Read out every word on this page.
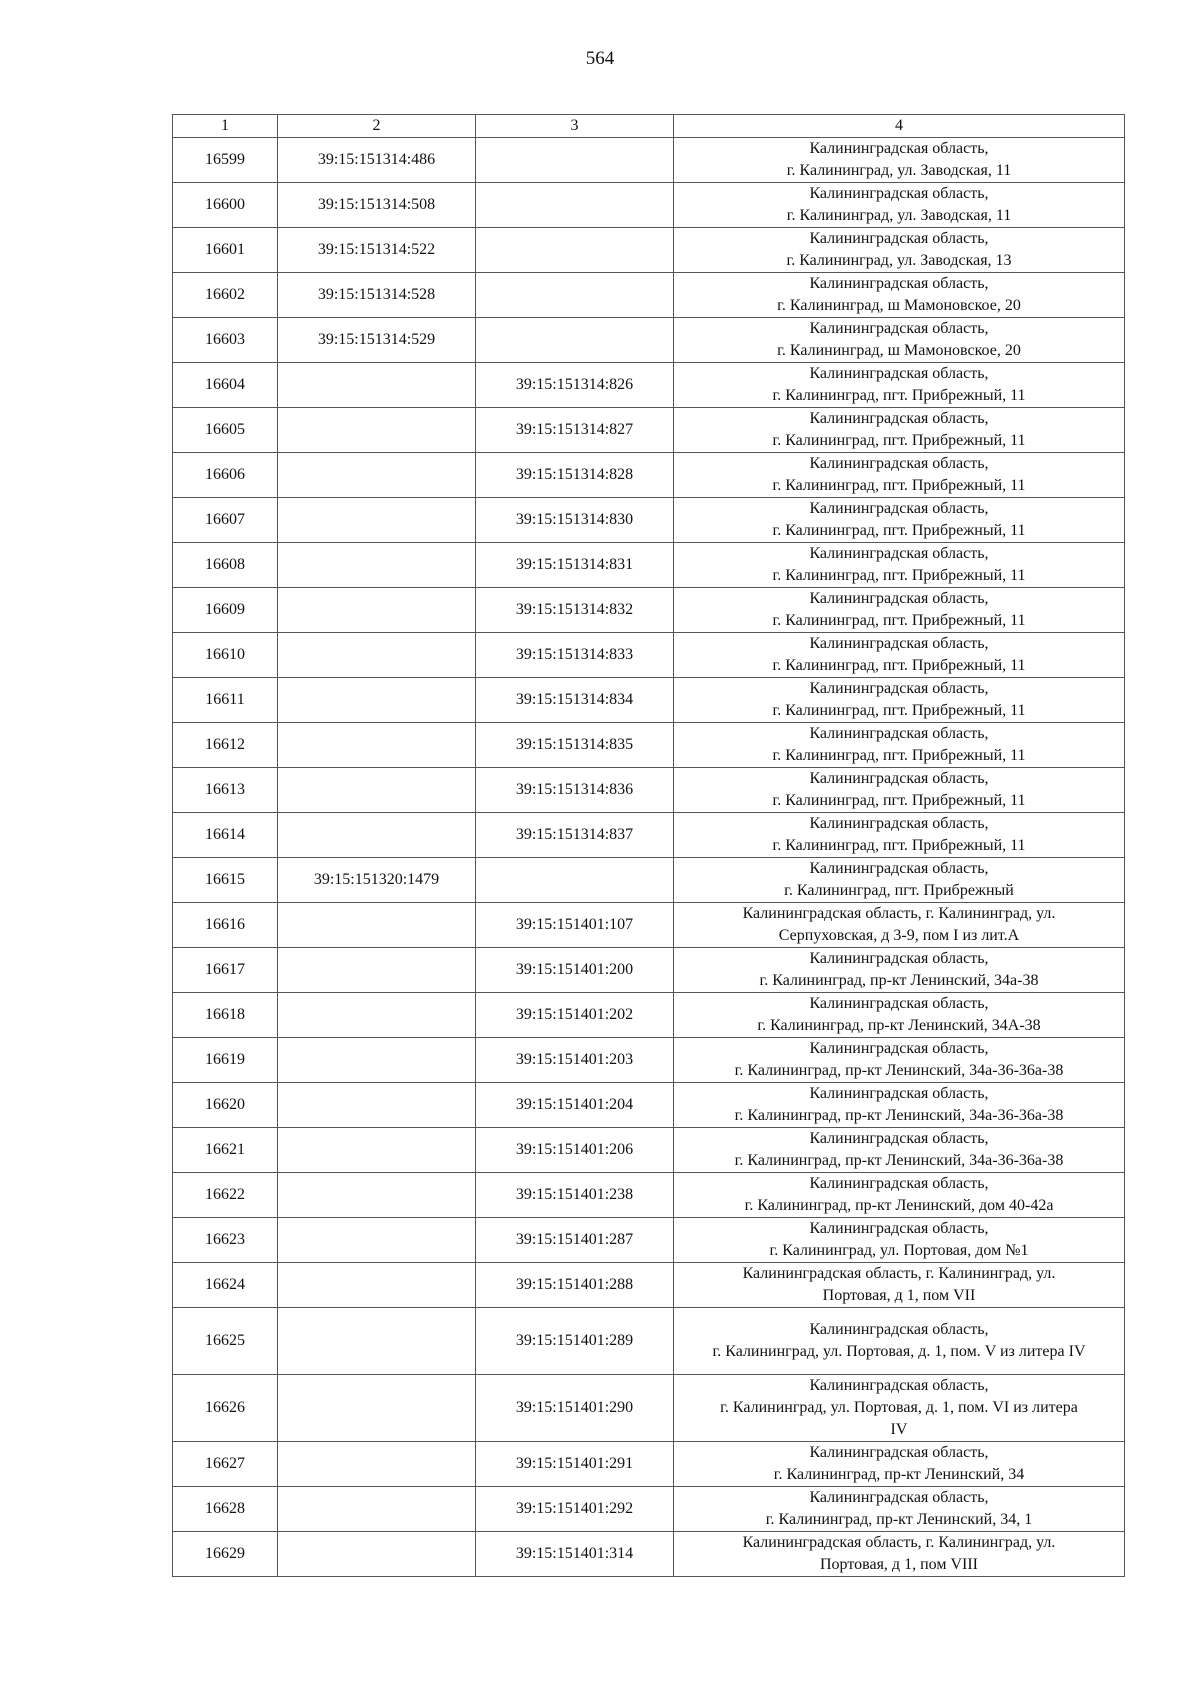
564
1	2	3	4
16599	39:15:151314:486		Калининградская область,
г. Калининград, ул. Заводская, 11

16600	39:15:151314:508		Калининградская область,
г. Калининград, ул. Заводская, 11

16601	39:15:151314:522		Калининградская область,
г. Калининград, ул. Заводская, 13

16602	39:15:151314:528		Калининградская область,
г. Калининград, ш Мамоновское, 20

16603	39:15:151314:529		Калининградская область,
г. Калининград, ш Мамоновское, 20

16604		39:15:151314:826	Калининградская область,
г. Калининград, пгт. Прибрежный, 11

16605		39:15:151314:827	Калининградская область,
г. Калининград, пгт. Прибрежный, 11

16606		39:15:151314:828	Калининградская область,
г. Калининград, пгт. Прибрежный, 11

16607		39:15:151314:830	Калининградская область,
г. Калининград, пгт. Прибрежный, 11

16608		39:15:151314:831	Калининградская область,
г. Калининград, пгт. Прибрежный, 11

16609		39:15:151314:832	Калининградская область,
г. Калининград, пгт. Прибрежный, 11

16610		39:15:151314:833	Калининградская область,
г. Калининград, пгт. Прибрежный, 11

16611		39:15:151314:834	Калининградская область,
г. Калининград, пгт. Прибрежный, 11

16612		39:15:151314:835	Калининградская область,
г. Калининград, пгт. Прибрежный, 11

16613		39:15:151314:836	Калининградская область,
г. Калининград, пгт. Прибрежный, 11

16614		39:15:151314:837	Калининградская область,
г. Калининград, пгт. Прибрежный, 11

16615	39:15:151320:1479		Калининградская область,
г. Калининград, пгт. Прибрежный

16616		39:15:151401:107	Калининградская область, г. Калининград, ул.
Серпуховская, д 3-9, пом I из лит.А

16617		39:15:151401:200	Калининградская область,
г. Калининград, пр-кт Ленинский, 34а-38

16618		39:15:151401:202	Калининградская область,
г. Калининград, пр-кт Ленинский, 34А-38

16619		39:15:151401:203	Калининградская область,
г. Калининград, пр-кт Ленинский, 34а-36-36а-38

16620		39:15:151401:204	Калининградская область,
г. Калининград, пр-кт Ленинский, 34а-36-36а-38

16621		39:15:151401:206	Калининградская область,
г. Калининград, пр-кт Ленинский, 34а-36-36а-38

16622		39:15:151401:238	Калининградская область,
г. Калининград, пр-кт Ленинский, дом 40-42а

16623		39:15:151401:287	Калининградская область,
г. Калининград, ул. Портовая, дом №1

16624		39:15:151401:288	Калининградская область, г. Калининград, ул.
Портовая, д 1, пом VII

16625		39:15:151401:289	Калининградская область,
г. Калининград, ул. Портовая, д. 1, пом. V из литера IV

16626		39:15:151401:290	Калининградская область,
г. Калининград, ул. Портовая, д. 1, пом. VI из литера
IV

16627		39:15:151401:291	Калининградская область,
г. Калининград, пр-кт Ленинский, 34

16628		39:15:151401:292	Калининградская область,
г. Калининград, пр-кт Ленинский, 34, 1

16629		39:15:151401:314	Калининградская область, г. Калининград, ул.
Портовая, д 1, пом VIII
